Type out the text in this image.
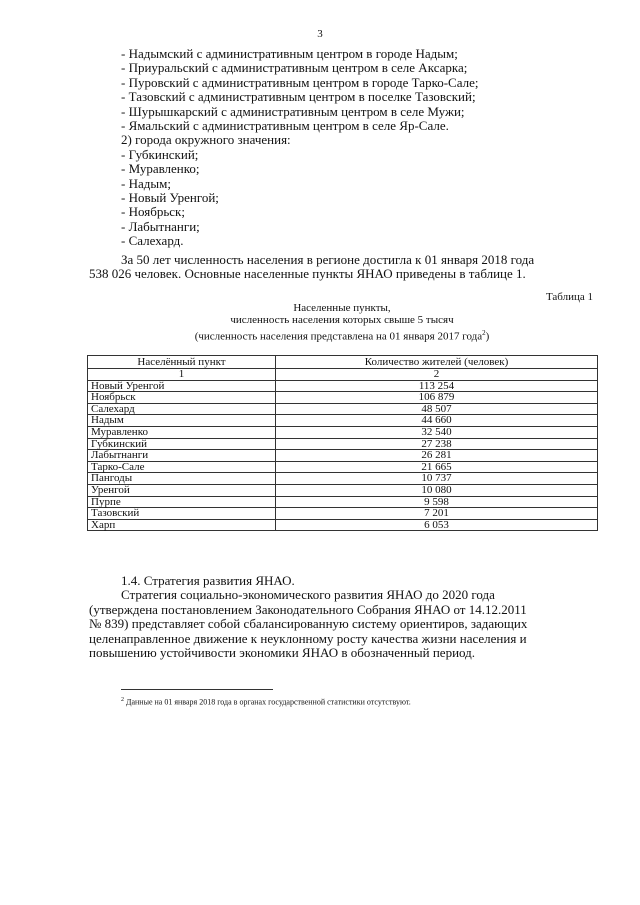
3
- Надымский с административным центром в городе Надым;
- Приуральский с административным центром в селе Аксарка;
- Пуровский с административным центром в городе Тарко-Сале;
- Тазовский с административным центром в поселке Тазовский;
- Шурышкарский с административным центром в селе Мужи;
- Ямальский с административным центром в селе Яр-Сале.
2) города окружного значения:
- Губкинский;
- Муравленко;
- Надым;
- Новый Уренгой;
- Ноябрьск;
- Лабытнанги;
- Салехард.
За 50 лет численность населения в регионе достигла к 01 января 2018 года
538 026 человек. Основные населенные пункты ЯНАО приведены в таблице 1.
Таблица 1
Населенные пункты,
численность населения которых свыше 5 тысяч
(численность населения представлена на 01 января 2017 года$^2$)
Населённый пункт	Количество жителей (человек)
1	2
Новый Уренгой	113 254
Ноябрьск	106 879
Салехард	48 507
Надым	44 660
Муравленко	32 540
Губкинский	27 238
Лабытнанги	26 281
Тарко-Сале	21 665
Пангоды	10 737
Уренгой	10 080
Пурпе	9 598
Тазовский	7 201
Харп	6 053
1.4. Стратегия развития ЯНАО.
Стратегия социально-экономического развития ЯНАО до 2020 года
(утверждена постановлением Законодательного Собрания ЯНАО от 14.12.2011
№ 839) представляет собой сбалансированную систему ориентиров, задающих
целенаправленное движение к неуклонному росту качества жизни населения и
повышению устойчивости экономики ЯНАО в обозначенный период.
$^2$ Данные на 01 января 2018 года в органах государственной статистики отсутствуют.
